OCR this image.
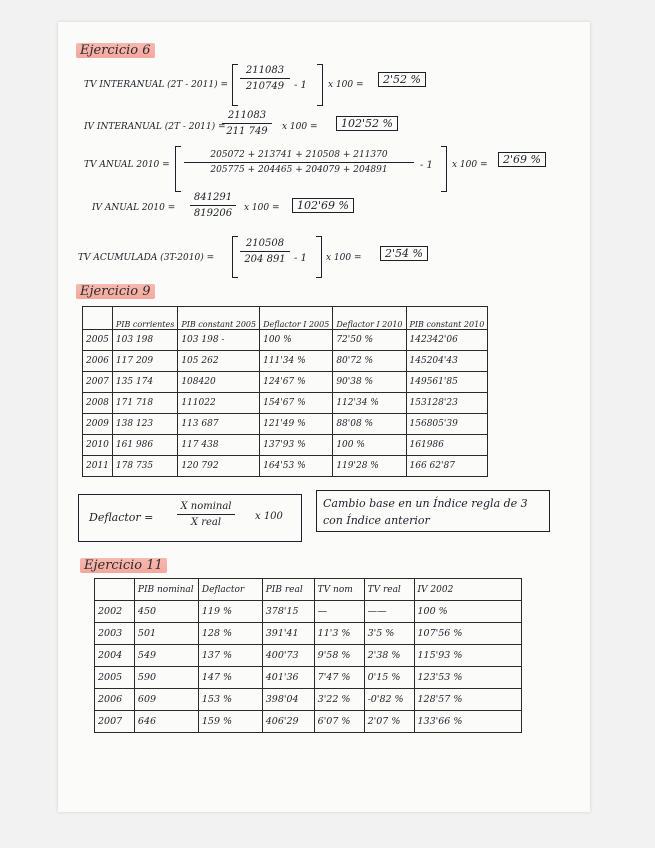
Ejercicio 6
TV INTERANUAL (2T - 2011) =
211083
210749 - 1 x 100 =	2'52 %
IV INTERANUAL (2T - 2011) =
211083
211 749	x 100 =	102'52 %
TV ANUAL 2010 =
205072 + 213741 + 210508 + 211370
205775 + 204465 + 204079 + 204891	- 1 x 100 =	2'69 %
IV ANUAL 2010 =
841291
819206	x 100 =	102'69 %
TV ACUMULADA (3T-2010) =
210508
204 891 - 1 x 100 =	2'54 %
Ejercicio 9
	PIB corrientes	PIB constant 2005	Deflactor I 2005	Deflactor I 2010	PIB constant 2010
2005	103 198	103 198 -	100 %	72'50 %	142342'06
2006	117 209	105 262	111'34 %	80'72 %	145204'43
2007	135 174	108420	124'67 %	90'38 %	149561'85
2008	171 718	111022	154'67 %	112'34 %	153128'23
2009	138 123	113 687	121'49 %	88'08 %	156805'39
2010	161 986	117 438	137'93 %	100 %	161986
2011	178 735	120 792	164'53 %	119'28 %	166 62'87
Deflactor =
X nominal
X real
x 100
Cambio base en un Índice regla de 3 con Índice anterior
Ejercicio 11
	PIB nominal	Deflactor	PIB real	TV nom	TV real	IV 2002
2002	450	119 %	378'15	—	——	100 %
2003	501	128 %	391'41	11'3 %	3'5 %	107'56 %
2004	549	137 %	400'73	9'58 %	2'38 %	115'93 %
2005	590	147 %	401'36	7'47 %	0'15 %	123'53 %
2006	609	153 %	398'04	3'22 %	-0'82 %	128'57 %
2007	646	159 %	406'29	6'07 %	2'07 %	133'66 %
